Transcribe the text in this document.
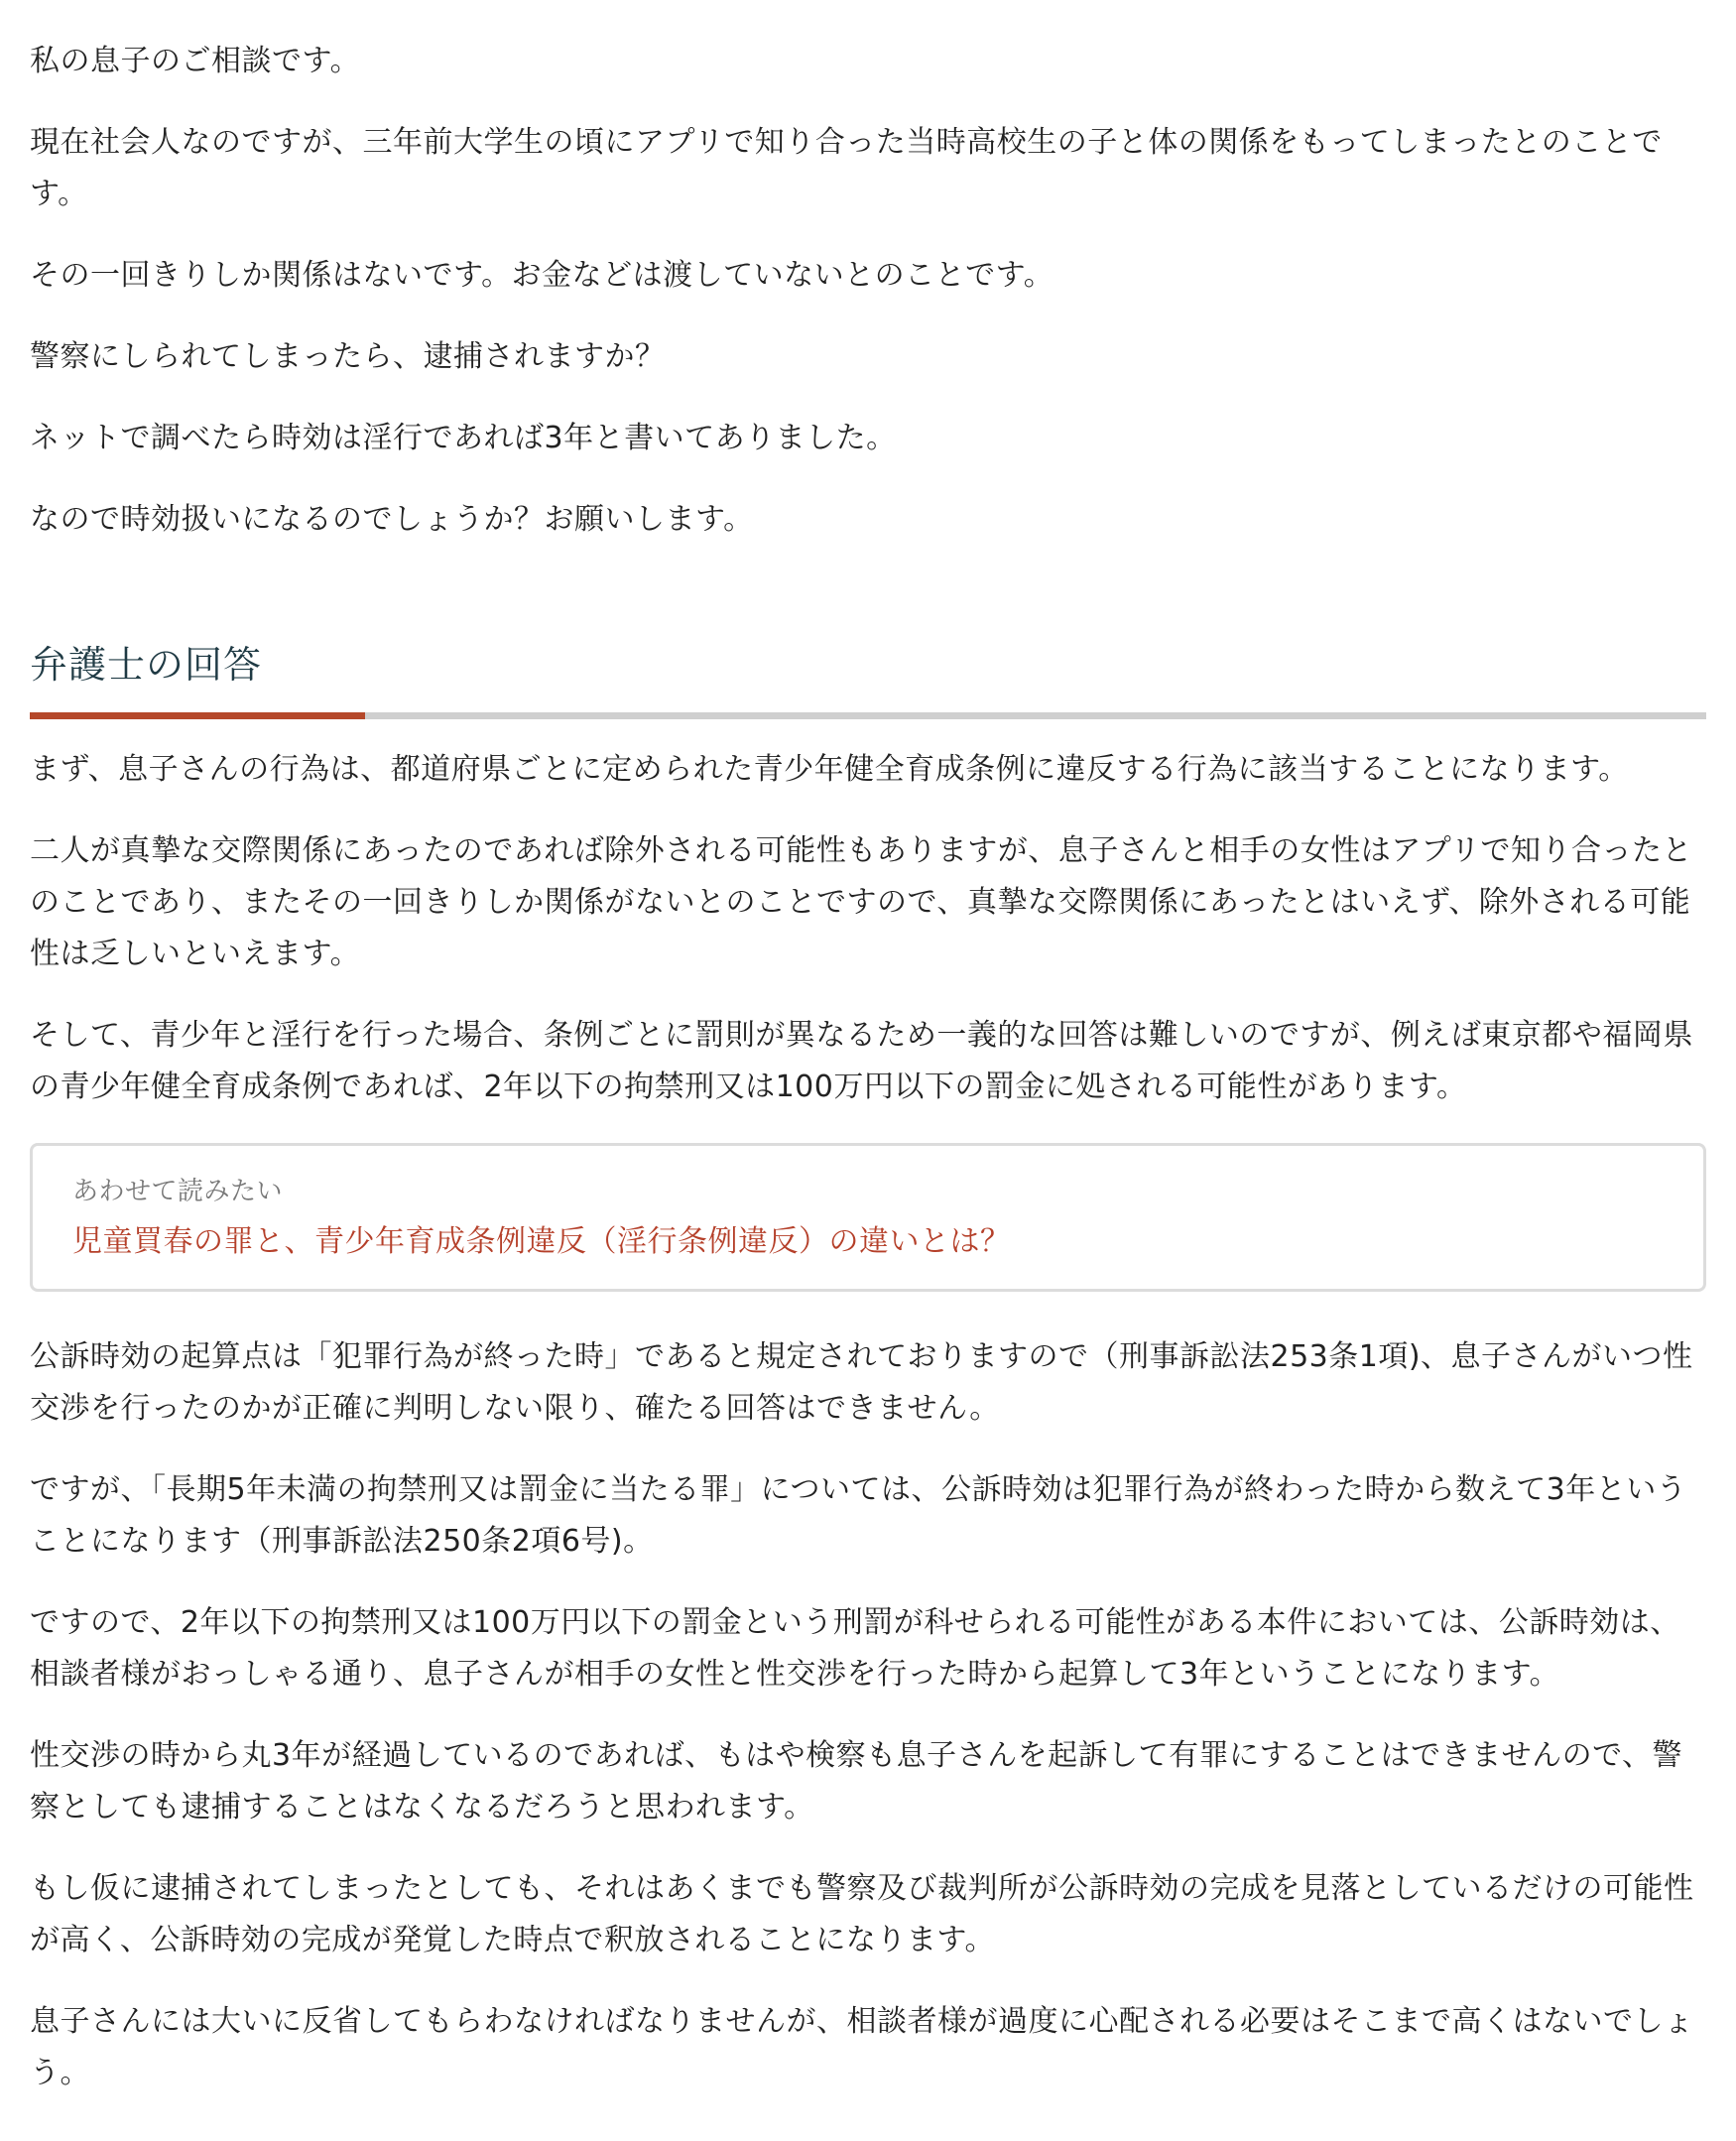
私の息子のご相談です。

現在社会人なのですが、三年前大学生の頃にアプリで知り合った当時高校生の子と体の関係をもってしまったとのことです。

その一回きりしか関係はないです。お金などは渡していないとのことです。

警察にしられてしまったら、逮捕されますか？

ネットで調べたら時効は淫行であれば3年と書いてありました。

なので時効扱いになるのでしょうか？お願いします。

弁護士の回答

まず、息子さんの行為は、都道府県ごとに定められた青少年健全育成条例に違反する行為に該当することになります。

二人が真摯な交際関係にあったのであれば除外される可能性もありますが、息子さんと相手の女性はアプリで知り合ったとのことであり、またその一回きりしか関係がないとのことですので、真摯な交際関係にあったとはいえず、除外される可能性は乏しいといえます。

そして、青少年と淫行を行った場合、条例ごとに罰則が異なるため一義的な回答は難しいのですが、例えば東京都や福岡県の青少年健全育成条例であれば、2年以下の拘禁刑又は100万円以下の罰金に処される可能性があります。

あわせて読みたい
児童買春の罪と、青少年育成条例違反（淫行条例違反）の違いとは？

公訴時効の起算点は「犯罪行為が終った時」であると規定されておりますので（刑事訴訟法253条1項)、息子さんがいつ性交渉を行ったのかが正確に判明しない限り、確たる回答はできません。

ですが、「長期5年未満の拘禁刑又は罰金に当たる罪」については、公訴時効は犯罪行為が終わった時から数えて3年ということになります（刑事訴訟法250条2項6号)。

ですので、2年以下の拘禁刑又は100万円以下の罰金という刑罰が科せられる可能性がある本件においては、公訴時効は、相談者様がおっしゃる通り、息子さんが相手の女性と性交渉を行った時から起算して3年ということになります。

性交渉の時から丸3年が経過しているのであれば、もはや検察も息子さんを起訴して有罪にすることはできませんので、警察としても逮捕することはなくなるだろうと思われます。

もし仮に逮捕されてしまったとしても、それはあくまでも警察及び裁判所が公訴時効の完成を見落としているだけの可能性が高く、公訴時効の完成が発覚した時点で釈放されることになります。

息子さんには大いに反省してもらわなければなりませんが、相談者様が過度に心配される必要はそこまで高くはないでしょう。
